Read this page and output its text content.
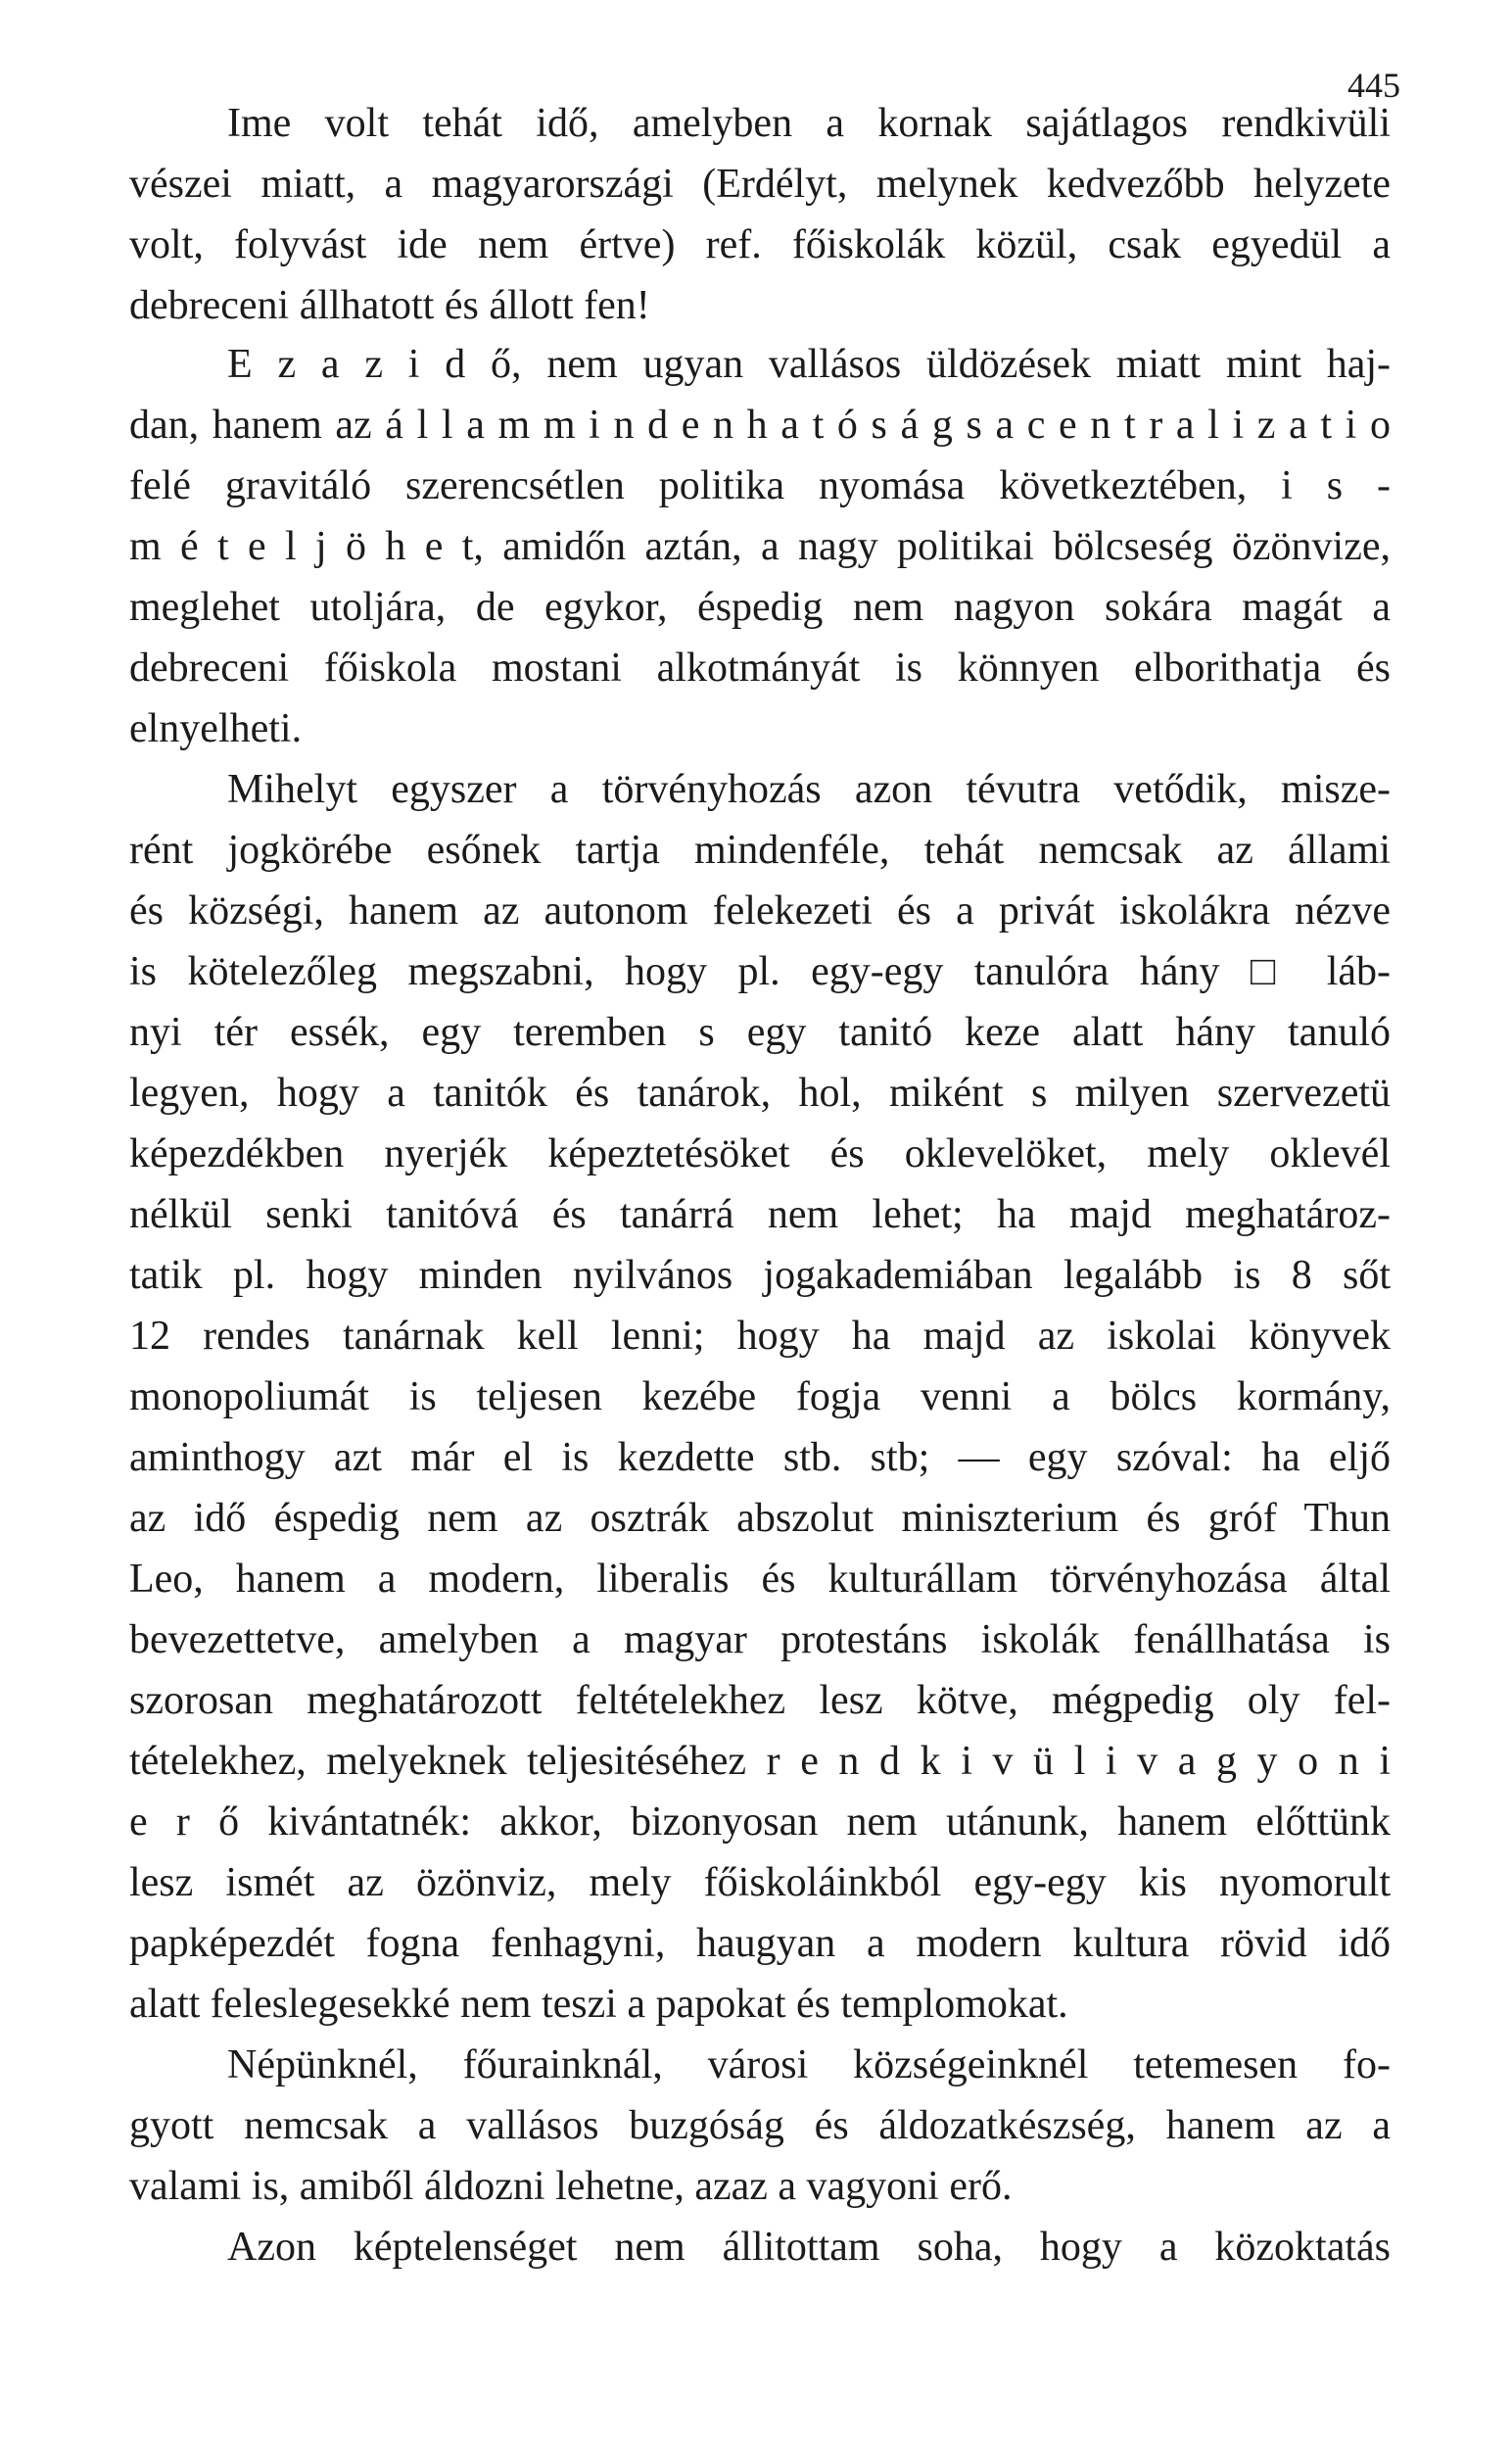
445
Ime volt tehát idő, amelyben a kornak sajátlagos rendkivüli
vészei miatt, a magyarországi (Erdélyt, melynek kedvezőbb helyzete
volt, folyvást ide nem értve) ref. főiskolák közül, csak egyedül a
debreceni állhatott és állott fen!
E z a z i d ő, nem ugyan vallásos üldözések miatt mint haj-
dan, hanem az á l l a m m i n d e n h a t ó s á g s a c e n t r a l i z a t i o
felé gravitáló szerencsétlen politika nyomása következtében, i s -
m é t e l j ö h e t, amidőn aztán, a nagy politikai bölcseség özönvize,
meglehet utoljára, de egykor, éspedig nem nagyon sokára magát a
debreceni főiskola mostani alkotmányát is könnyen elborithatja és
elnyelheti.
Mihelyt egyszer a törvényhozás azon tévutra vetődik, misze-
rént jogkörébe esőnek tartja mindenféle, tehát nemcsak az állami
és községi, hanem az autonom felekezeti és a privát iskolákra nézve
is kötelezőleg megszabni, hogy pl. egy-egy tanulóra hány □ láb-
nyi tér essék, egy teremben s egy tanitó keze alatt hány tanuló
legyen, hogy a tanitók és tanárok, hol, miként s milyen szervezetü
képezdékben nyerjék képeztetésöket és oklevelöket, mely oklevél
nélkül senki tanitóvá és tanárrá nem lehet; ha majd meghatároz-
tatik pl. hogy minden nyilvános jogakademiában legalább is 8 sőt
12 rendes tanárnak kell lenni; hogy ha majd az iskolai könyvek
monopoliumát is teljesen kezébe fogja venni a bölcs kormány,
aminthogy azt már el is kezdette stb. stb; — egy szóval: ha eljő
az idő éspedig nem az osztrák abszolut miniszterium és gróf Thun
Leo, hanem a modern, liberalis és kulturállam törvényhozása által
bevezettetve, amelyben a magyar protestáns iskolák fenállhatása is
szorosan meghatározott feltételekhez lesz kötve, mégpedig oly fel-
tételekhez, melyeknek teljesitéséhez r e n d k i v ü l i v a g y o n i
e r ő kivántatnék: akkor, bizonyosan nem utánunk, hanem előttünk
lesz ismét az özönviz, mely főiskoláinkból egy-egy kis nyomorult
papképezdét fogna fenhagyni, haugyan a modern kultura rövid idő
alatt feleslegesekké nem teszi a papokat és templomokat.
Népünknél, főurainknál, városi községeinknél tetemesen fo-
gyott nemcsak a vallásos buzgóság és áldozatkészség, hanem az a
valami is, amiből áldozni lehetne, azaz a vagyoni erő.
Azon képtelenséget nem állitottam soha, hogy a közoktatás
